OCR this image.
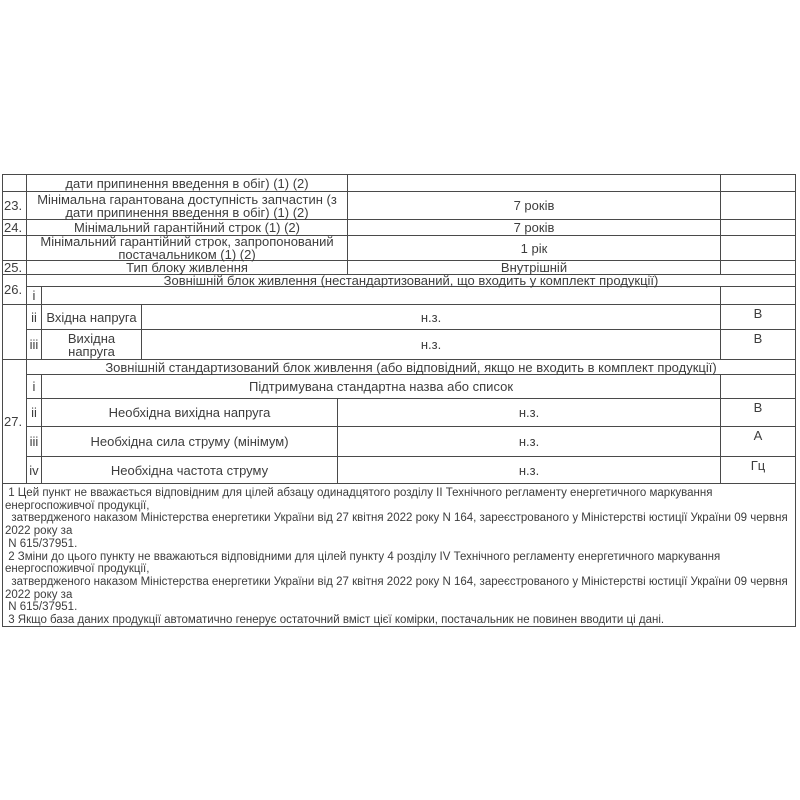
дати припинення введення в обіг) (1) (2)
23.	Мінімальна гарантована доступність запчастин (з дати припинення введення в обіг) (1) (2)	7 років
24.	Мінімальний гарантійний строк (1) (2)	7 років
Мінімальний гарантійний строк, запропонований постачальником (1) (2)	1 рік
25.	Тип блоку живлення	Внутрішній
26.
Зовнішній блок живлення (нестандартизований, що входить у комплект продукції)
i
ii Вхідна напруга	н.з.	В
iii	Вихідна напруга	н.з.	В
27.
Зовнішній стандартизований блок живлення (або відповідний, якщо не входить в комплект продукції)
i	Підтримувана стандартна назва або список
ii	Необхідна вихідна напруга	н.з.	В
iii	Необхідна сила струму (мінімум)	н.з.	А
iv	Необхідна частота струму	н.з.	Гц
1 Цей пункт не вважається відповідним для цілей абзацу одинадцятого розділу II Технічного регламенту енергетичного маркування
енергоспоживчої продукції,
затвердженого наказом Міністерства енергетики України від 27 квітня 2022 року N 164, зареєстрованого у Міністерстві юстиції України 09 червня
2022 року за
N 615/37951.
2 Зміни до цього пункту не вважаються відповідними для цілей пункту 4 розділу IV Технічного регламенту енергетичного маркування
енергоспоживчої продукції,
затвердженого наказом Міністерства енергетики України від 27 квітня 2022 року N 164, зареєстрованого у Міністерстві юстиції України 09 червня
2022 року за
N 615/37951.
3 Якщо база даних продукції автоматично генерує остаточний вміст цієї комірки, постачальник не повинен вводити ці дані.
